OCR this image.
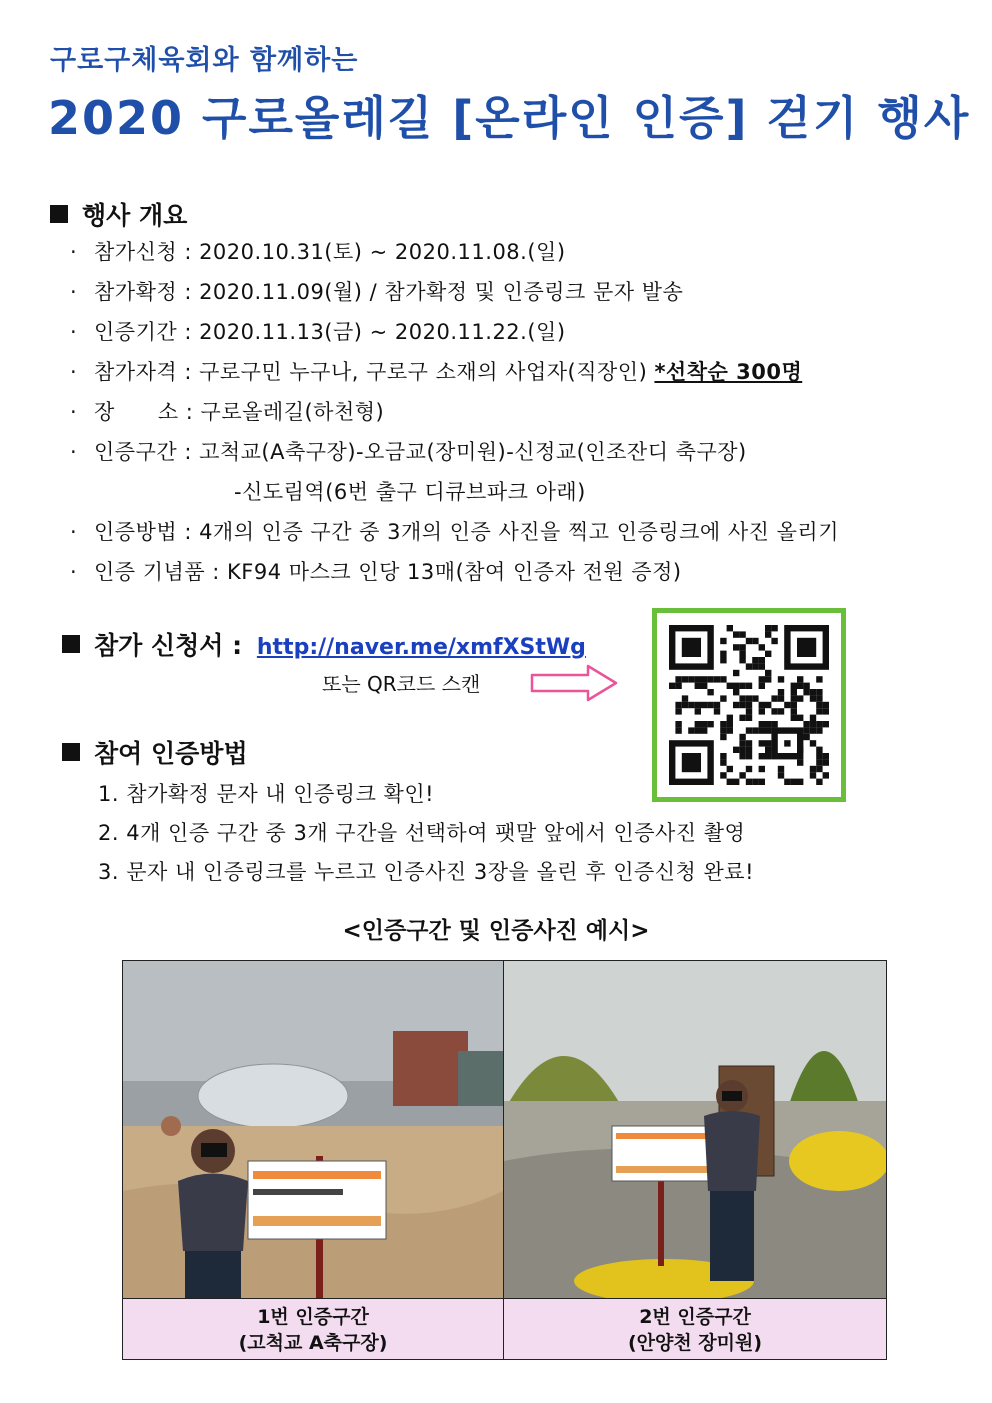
구로구체육회와 함께하는
2020 구로올레길 [온라인 인증] 걷기 행사
행사 개요
· 참가신청 : 2020.10.31(토) ~ 2020.11.08.(일)
· 참가확정 : 2020.11.09(월) / 참가확정 및 인증링크 문자 발송
· 인증기간 : 2020.11.13(금) ~ 2020.11.22.(일)
· 참가자격 : 구로구민 누구나, 구로구 소재의 사업자(직장인) *선착순 300명
· 장      소 : 구로올레길(하천형)
· 인증구간 : 고척교(A축구장)-오금교(장미원)-신정교(인조잔디 축구장)
-신도림역(6번 출구 디큐브파크 아래)
· 인증방법 : 4개의 인증 구간 중 3개의 인증 사진을 찍고 인증링크에 사진 올리기
· 인증 기념품 : KF94 마스크 인당 13매(참여 인증자 전원 증정)
참가 신청서 : http://naver.me/xmfXStWg
또는 QR코드 스캔
참여 인증방법
1. 참가확정 문자 내 인증링크 확인!
2. 4개 인증 구간 중 3개 구간을 선택하여 팻말 앞에서 인증사진 촬영
3. 문자 내 인증링크를 누르고 인증사진 3장을 올린 후 인증신청 완료!
<인증구간 및 인증사진 예시>
1번 인증구간
(고척교 A축구장)
2번 인증구간
(안양천 장미원)
